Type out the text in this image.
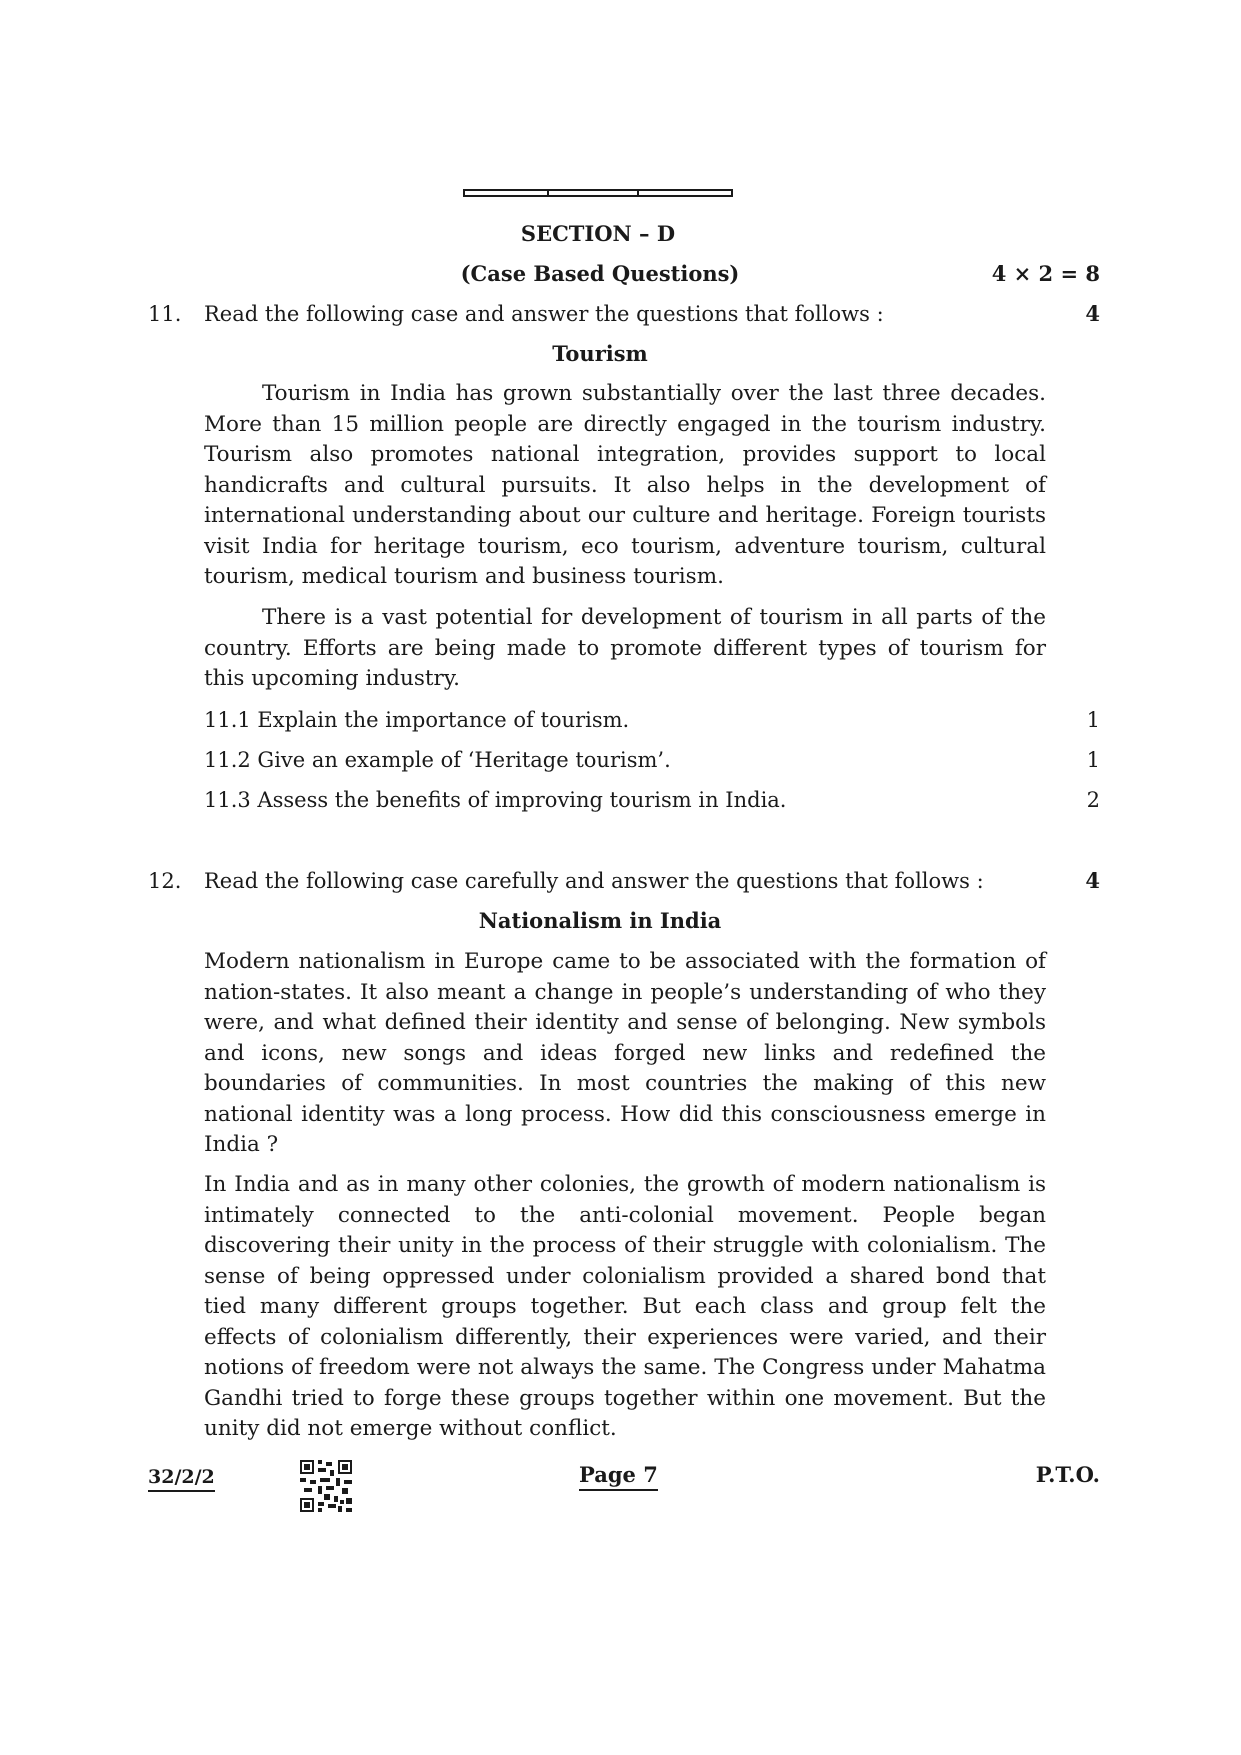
SECTION – D
(Case Based Questions)	4 × 2 = 8
11. Read the following case and answer the questions that follows :	4
Tourism

Tourism in India has grown substantially over the last three decades. More than 15 million people are directly engaged in the tourism industry. Tourism also promotes national integration, provides support to local handicrafts and cultural pursuits. It also helps in the development of international understanding about our culture and heritage. Foreign tourists visit India for heritage tourism, eco tourism, adventure tourism, cultural tourism, medical tourism and business tourism.

There is a vast potential for development of tourism in all parts of the country. Efforts are being made to promote different types of tourism for this upcoming industry.

11.1 Explain the importance of tourism.	1
11.2 Give an example of ‘Heritage tourism’.	1
11.3 Assess the benefits of improving tourism in India.	2
12. Read the following case carefully and answer the questions that follows :	4
Nationalism in India

Modern nationalism in Europe came to be associated with the formation of nation-states. It also meant a change in people’s understanding of who they were, and what defined their identity and sense of belonging. New symbols and icons, new songs and ideas forged new links and redefined the boundaries of communities. In most countries the making of this new national identity was a long process. How did this consciousness emerge in India ?

In India and as in many other colonies, the growth of modern nationalism is intimately connected to the anti-colonial movement. People began discovering their unity in the process of their struggle with colonialism. The sense of being oppressed under colonialism provided a shared bond that tied many different groups together. But each class and group felt the effects of colonialism differently, their experiences were varied, and their notions of freedom were not always the same. The Congress under Mahatma Gandhi tried to forge these groups together within one movement. But the unity did not emerge without conflict.

32/2/2	Page 7	P.T.O.
